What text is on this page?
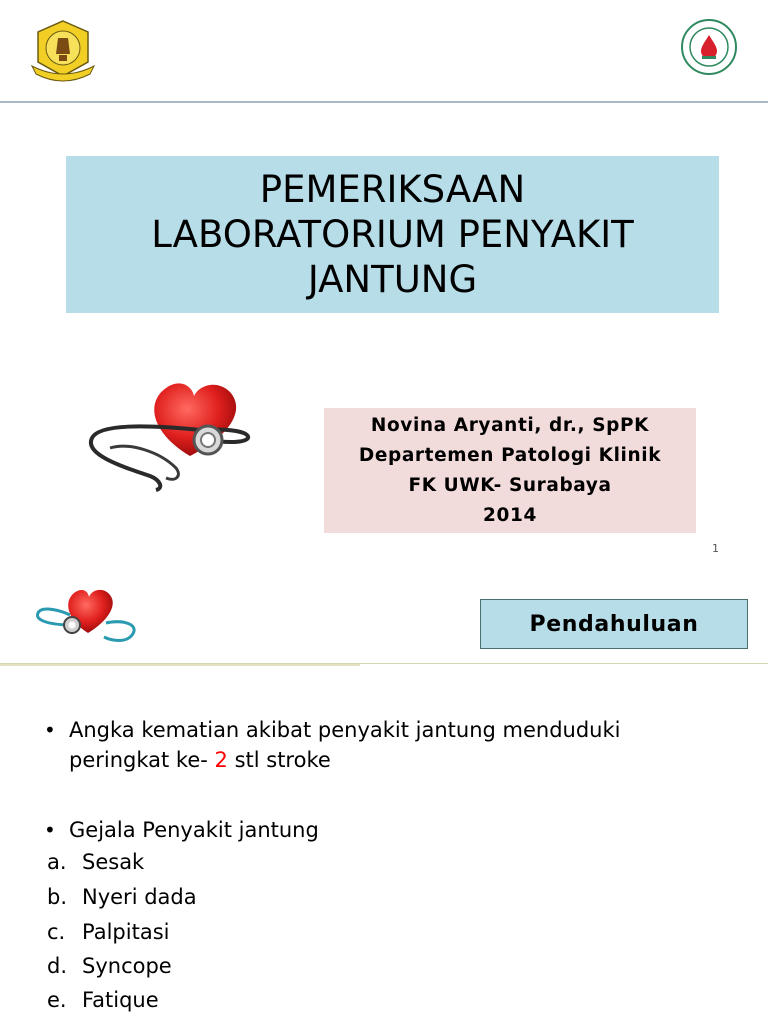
PEMERIKSAAN
LABORATORIUM PENYAKIT
JANTUNG
Novina Aryanti, dr., SpPK
Departemen Patologi Klinik
FK UWK- Surabaya
2014
1
Pendahuluan
• Angka kematian akibat penyakit jantung menduduki
peringkat ke- 2 stl stroke
• Gejala Penyakit jantung
a. Sesak
b. Nyeri dada
c. Palpitasi
d. Syncope
e. Fatique
